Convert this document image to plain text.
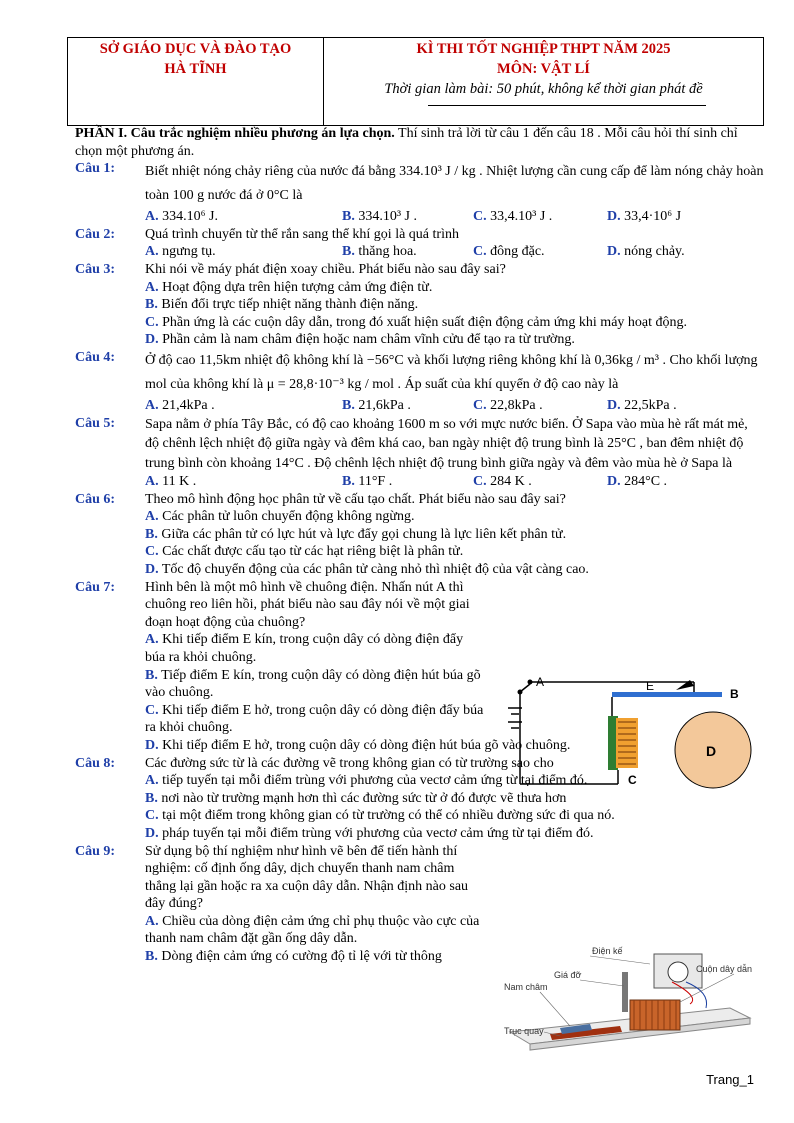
SỞ GIÁO DỤC VÀ ĐÀO TẠO
HÀ TĨNH
KÌ THI TỐT NGHIỆP THPT NĂM 2025
MÔN: VẬT LÍ
Thời gian làm bài: 50 phút, không kể thời gian phát đề

PHẦN I. Câu trắc nghiệm nhiều phương án lựa chọn. Thí sinh trả lời từ câu 1 đến câu 18 . Mỗi câu hỏi thí sinh chỉ chọn một phương án.

Câu 1: Biết nhiệt nóng chảy riêng của nước đá bằng 334.10³ J / kg . Nhiệt lượng cần cung cấp để làm nóng chảy hoàn toàn 100 g nước đá ở 0°C là

A. 334.10⁶ J.	B. 334.10³ J .	C. 33,4.10³ J .	D. 33,4·10⁶ J
Câu 2: Quá trình chuyển từ thể rắn sang thể khí gọi là quá trình

A. ngưng tụ.	B. thăng hoa.	C. đông đặc.	D. nóng chảy.
Câu 3: Khi nói về máy phát điện xoay chiều. Phát biểu nào sau đây sai?

A. Hoạt động dựa trên hiện tượng cảm ứng điện từ.

B. Biến đổi trực tiếp nhiệt năng thành điện năng.

C. Phần ứng là các cuộn dây dẫn, trong đó xuất hiện suất điện động cảm ứng khi máy hoạt động.

D. Phần cảm là nam châm điện hoặc nam châm vĩnh cửu để tạo ra từ trường.

Câu 4: Ở độ cao 11,5km nhiệt độ không khí là −56°C và khối lượng riêng không khí là 0,36kg / m³ . Cho khối lượng mol của không khí là μ = 28,8·10⁻³ kg / mol . Áp suất của khí quyển ở độ cao này là

A. 21,4kPa .	B. 21,6kPa .	C. 22,8kPa .	D. 22,5kPa .
Câu 5: Sapa nằm ở phía Tây Bắc, có độ cao khoảng 1600 m so với mực nước biển. Ở Sapa vào mùa hè rất mát mẻ, độ chênh lệch nhiệt độ giữa ngày và đêm khá cao, ban ngày nhiệt độ trung bình là 25°C , ban đêm nhiệt độ trung bình còn khoảng 14°C . Độ chênh lệch nhiệt độ trung bình giữa ngày và đêm vào mùa hè ở Sapa là

A. 11 K .	B. 11°F .	C. 284 K .	D. 284°C .
Câu 6: Theo mô hình động học phân tử về cấu tạo chất. Phát biểu nào sau đây sai?

A. Các phân tử luôn chuyển động không ngừng.

B. Giữa các phân tử có lực hút và lực đẩy gọi chung là lực liên kết phân tử.

C. Các chất được cấu tạo từ các hạt riêng biệt là phân tử.

D. Tốc độ chuyển động của các phân tử càng nhỏ thì nhiệt độ của vật càng cao.

Câu 7: Hình bên là một mô hình về chuông điện. Nhấn nút A thì chuông reo liên hồi, phát biểu nào sau đây nói về một giai đoạn hoạt động của chuông?

A. Khi tiếp điểm E kín, trong cuộn dây có dòng điện đẩy búa ra khỏi chuông.

B. Tiếp điểm E kín, trong cuộn dây có dòng điện hút búa gõ vào chuông.

C. Khi tiếp điểm E hở, trong cuộn dây có dòng điện đẩy búa ra khỏi chuông.

D. Khi tiếp điểm E hở, trong cuộn dây có dòng điện hút búa gõ vào chuông.

Câu 8: Các đường sức từ là các đường vẽ trong không gian có từ trường sao cho

A. tiếp tuyến tại mỗi điểm trùng với phương của vectơ cảm ứng từ tại điểm đó.

B. nơi nào từ trường mạnh hơn thì các đường sức từ ở đó được vẽ thưa hơn

C. tại một điểm trong không gian có từ trường có thể có nhiều đường sức đi qua nó.

D. pháp tuyến tại mỗi điểm trùng với phương của vectơ cảm ứng từ tại điểm đó.

Câu 9: Sử dụng bộ thí nghiệm như hình vẽ bên để tiến hành thí nghiệm: cố định ống dây, dịch chuyển thanh nam châm thẳng lại gần hoặc ra xa cuộn dây dẫn. Nhận định nào sau đây đúng?

A. Chiều của dòng điện cảm ứng chỉ phụ thuộc vào cực của thanh nam châm đặt gần ống dây dẫn.

B. Dòng điện cảm ứng có cường độ tỉ lệ với từ thông

A	E
B
C
D
Điện kế
Cuộn dây dẫn
Giá đỡ
Nam châm
Trục quay
Trang_1
